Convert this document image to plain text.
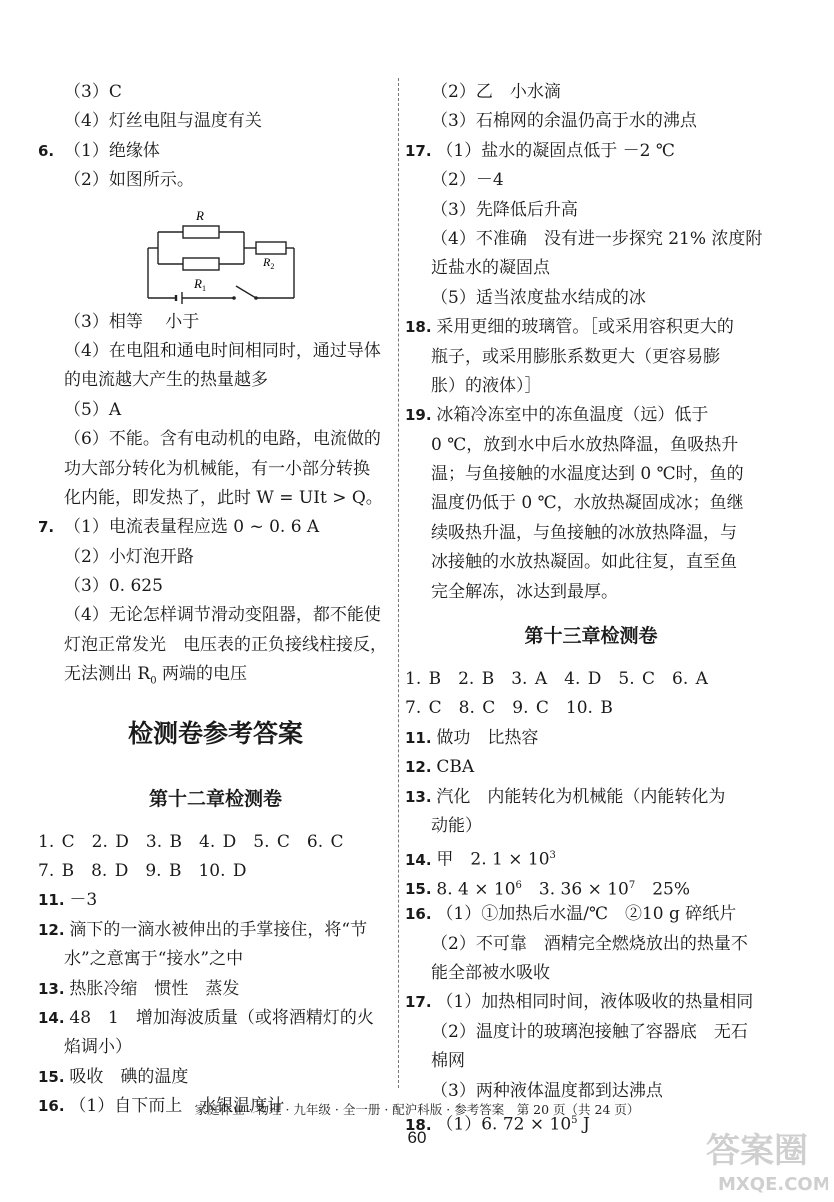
（3）C
（4）灯丝电阻与温度有关
6. （1）绝缘体
（2）如图所示。
R
$R_1$
$R_2$
（3）相等　 小于
（4）在电阻和通电时间相同时，通过导体
的电流越大产生的热量越多
（5）A
（6）不能。含有电动机的电路，电流做的
功大部分转化为机械能，有一小部分转换
化内能，即发热了，此时 W = UIt > Q。
7. （1）电流表量程应选 0 ~ 0. 6 A
（2）小灯泡开路
（3）0. 625
（4）无论怎样调节滑动变阻器，都不能使
灯泡正常发光　电压表的正负接线柱接反，
无法测出 $R_0$ 两端的电压
检测卷参考答案
第十二章检测卷
1. C　2. D　3. B　4. D　5. C　6. C
7. B　8. D　9. B　10. D
11. －3
12. 滴下的一滴水被伸出的手掌接住，将“节
水”之意寓于“接水”之中
13. 热胀冷缩　惯性　蒸发
14. 48　1　增加海波质量（或将酒精灯的火
焰调小）
15. 吸收　碘的温度
16. （1）自下而上　水银温度计
（2）乙　小水滴
（3）石棉网的余温仍高于水的沸点
17. （1）盐水的凝固点低于 －2 ℃
（2）－4
（3）先降低后升高
（4）不准确　没有进一步探究 21% 浓度附
近盐水的凝固点
（5）适当浓度盐水结成的冰
18. 采用更细的玻璃管。［或采用容积更大的
瓶子，或采用膨胀系数更大（更容易膨
胀）的液体）］
19. 冰箱冷冻室中的冻鱼温度（远）低于
0 ℃，放到水中后水放热降温，鱼吸热升
温；与鱼接触的水温度达到 0 ℃时，鱼的
温度仍低于 0 ℃，水放热凝固成冰；鱼继
续吸热升温，与鱼接触的冰放热降温，与
冰接触的水放热凝固。如此往复，直至鱼
完全解冻，冰达到最厚。
第十三章检测卷
1. B　2. B　3. A　4. D　5. C　6. A
7. C　8. C　9. C　10. B
11. 做功　比热容
12. CBA
13. 汽化　内能转化为机械能（内能转化为
动能）
14. 甲　2. $1 \times 10^3$
15. 8. $4 \times 10^6$　3. $36 \times 10^7$　25%
16. （1）①加热后水温/℃　②10 g 碎纸片
（2）不可靠　酒精完全燃烧放出的热量不
能全部被水吸收
17. （1）加热相同时间，液体吸收的热量相同
（2）温度计的玻璃泡接触了容器底　无石
棉网
（3）两种液体温度都到达沸点
18. （1）6. $72 \times 10^5$ J
家庭作业 · 物理 · 九年级 · 全一册 · 配沪科版 · 参考答案　第 20 页（共 24 页）
60	答案圈
MXQE.COM
